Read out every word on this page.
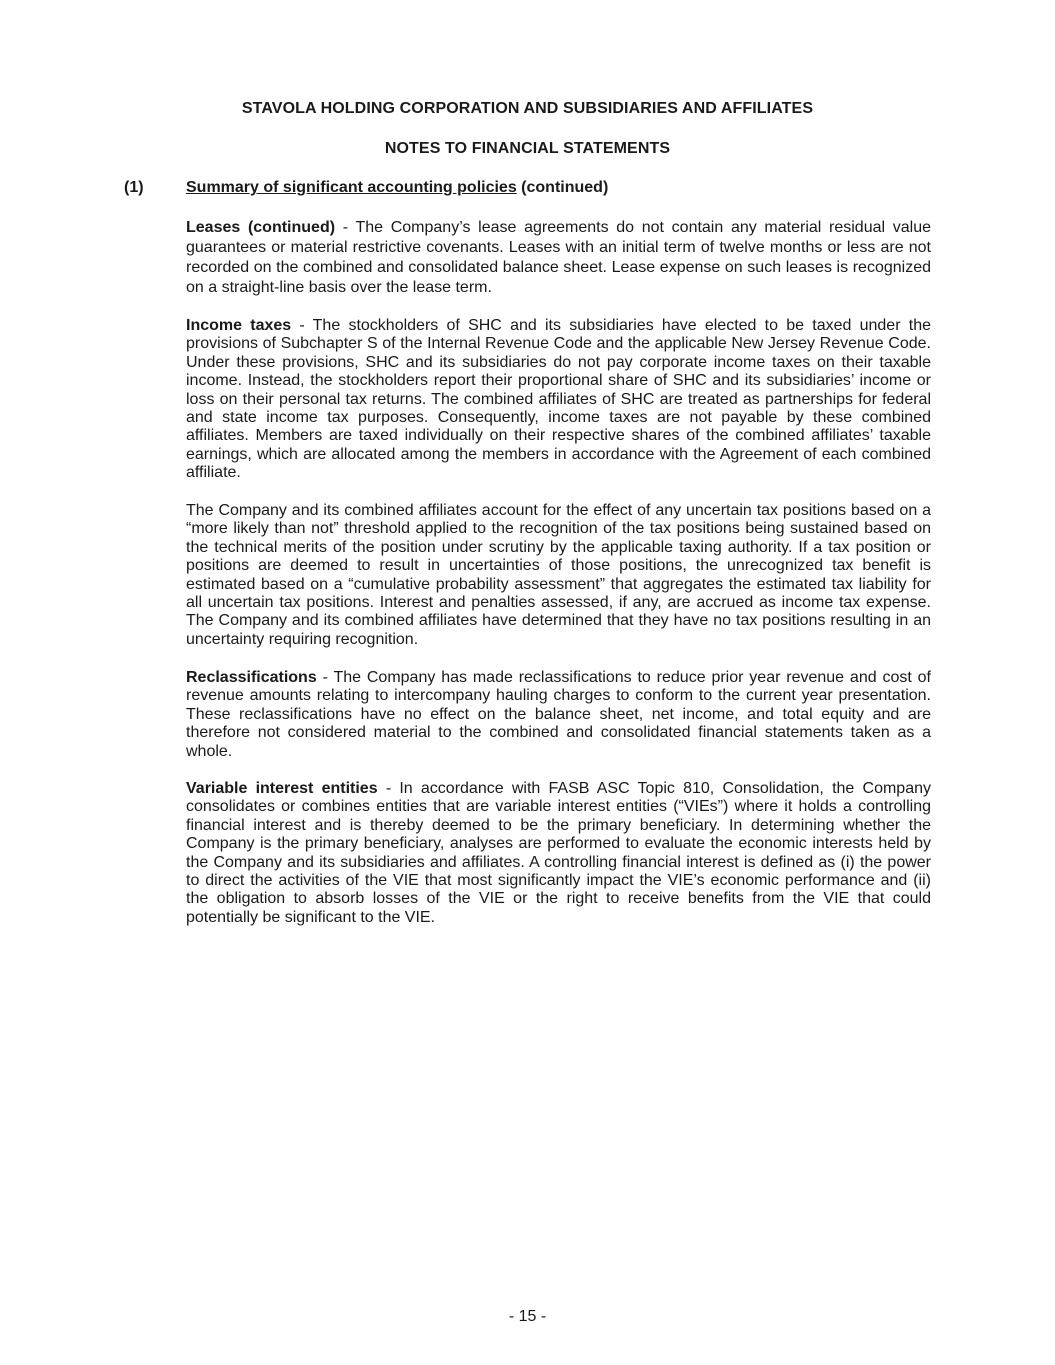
STAVOLA HOLDING CORPORATION AND SUBSIDIARIES AND AFFILIATES
NOTES TO FINANCIAL STATEMENTS
(1)	Summary of significant accounting policies (continued)

Leases (continued) - The Company’s lease agreements do not contain any material residual value guarantees or material restrictive covenants. Leases with an initial term of twelve months or less are not recorded on the combined and consolidated balance sheet. Lease expense on such leases is recognized on a straight-line basis over the lease term.

Income taxes - The stockholders of SHC and its subsidiaries have elected to be taxed under the provisions of Subchapter S of the Internal Revenue Code and the applicable New Jersey Revenue Code. Under these provisions, SHC and its subsidiaries do not pay corporate income taxes on their taxable income. Instead, the stockholders report their proportional share of SHC and its subsidiaries’ income or loss on their personal tax returns. The combined affiliates of SHC are treated as partnerships for federal and state income tax purposes. Consequently, income taxes are not payable by these combined affiliates. Members are taxed individually on their respective shares of the combined affiliates’ taxable earnings, which are allocated among the members in accordance with the Agreement of each combined affiliate.

The Company and its combined affiliates account for the effect of any uncertain tax positions based on a “more likely than not” threshold applied to the recognition of the tax positions being sustained based on the technical merits of the position under scrutiny by the applicable taxing authority. If a tax position or positions are deemed to result in uncertainties of those positions, the unrecognized tax benefit is estimated based on a “cumulative probability assessment” that aggregates the estimated tax liability for all uncertain tax positions. Interest and penalties assessed, if any, are accrued as income tax expense. The Company and its combined affiliates have determined that they have no tax positions resulting in an uncertainty requiring recognition.

Reclassifications - The Company has made reclassifications to reduce prior year revenue and cost of revenue amounts relating to intercompany hauling charges to conform to the current year presentation. These reclassifications have no effect on the balance sheet, net income, and total equity and are therefore not considered material to the combined and consolidated financial statements taken as a whole.

Variable interest entities - In accordance with FASB ASC Topic 810, Consolidation, the Company consolidates or combines entities that are variable interest entities (“VIEs”) where it holds a controlling financial interest and is thereby deemed to be the primary beneficiary. In determining whether the Company is the primary beneficiary, analyses are performed to evaluate the economic interests held by the Company and its subsidiaries and affiliates. A controlling financial interest is defined as (i) the power to direct the activities of the VIE that most significantly impact the VIE’s economic performance and (ii) the obligation to absorb losses of the VIE or the right to receive benefits from the VIE that could potentially be significant to the VIE.

- 15 -
